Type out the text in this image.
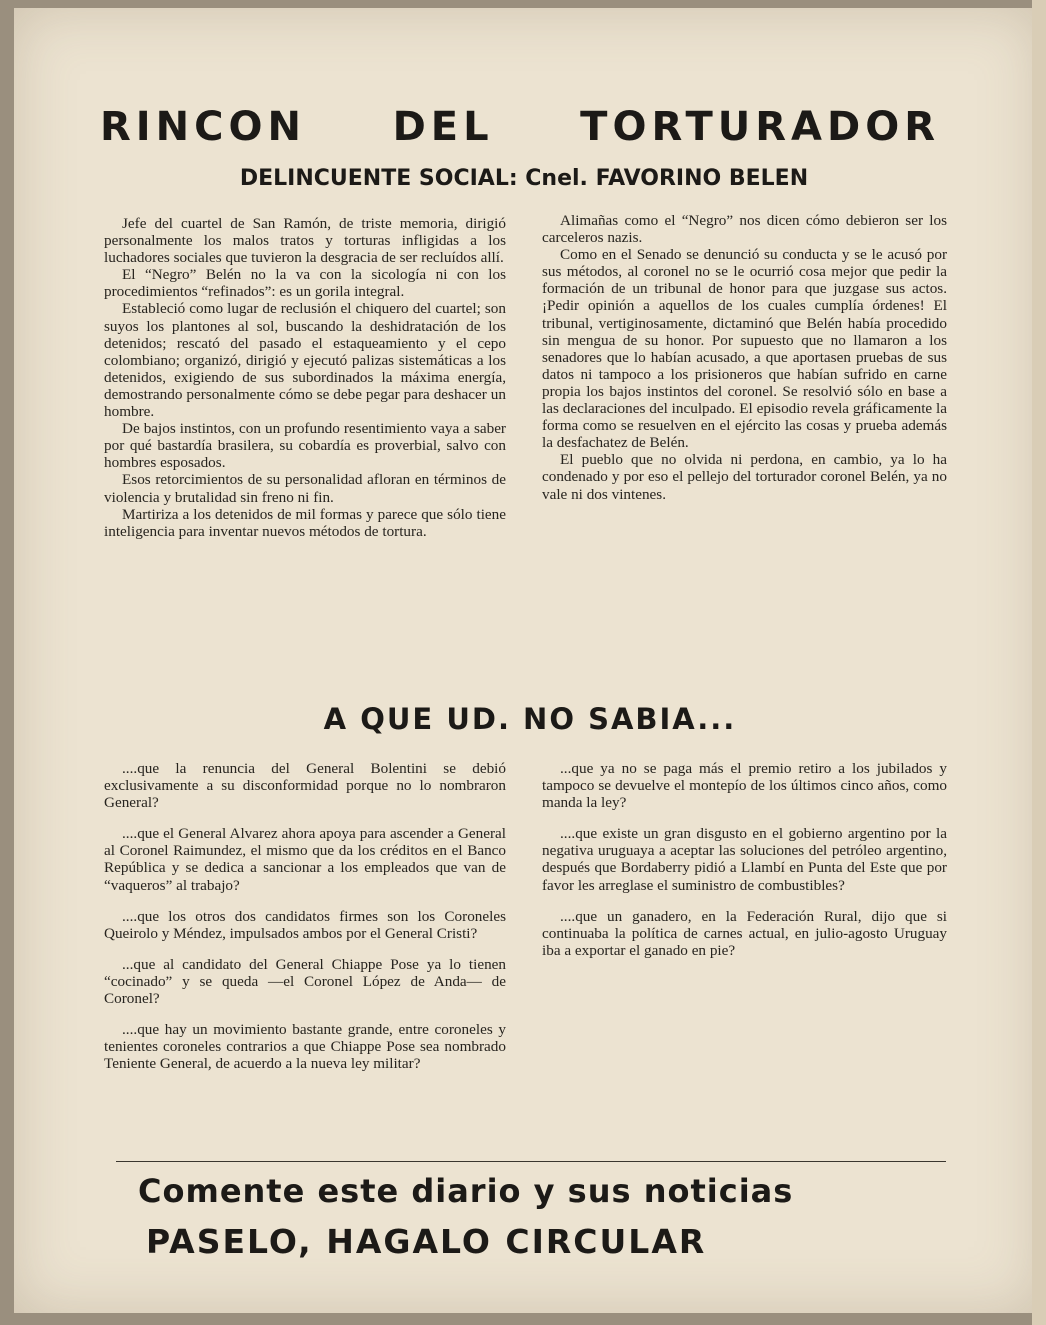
RINCON DEL TORTURADOR
DELINCUENTE SOCIAL: Cnel. FAVORINO BELEN

Jefe del cuartel de San Ramón, de triste memoria, dirigió personalmente los malos tratos y torturas infligidas a los luchadores sociales que tuvieron la desgracia de ser recluídos allí.

El “Negro” Belén no la va con la sicología ni con los procedimientos “refinados”: es un gorila integral.

Estableció como lugar de reclusión el chiquero del cuartel; son suyos los plantones al sol, buscando la deshidratación de los detenidos; rescató del pasado el estaqueamiento y el cepo colombiano; organizó, dirigió y ejecutó palizas sistemáticas a los detenidos, exigiendo de sus subordinados la máxima energía, demostrando personalmente cómo se debe pegar para deshacer un hombre.

De bajos instintos, con un profundo resentimiento vaya a saber por qué bastardía brasilera, su cobardía es proverbial, salvo con hombres esposados.

Esos retorcimientos de su personalidad afloran en términos de violencia y brutalidad sin freno ni fin.

Martiriza a los detenidos de mil formas y parece que sólo tiene inteligencia para inventar nuevos métodos de tortura.

Alimañas como el “Negro” nos dicen cómo debieron ser los carceleros nazis.

Como en el Senado se denunció su conducta y se le acusó por sus métodos, al coronel no se le ocurrió cosa mejor que pedir la formación de un tribunal de honor para que juzgase sus actos. ¡Pedir opinión a aquellos de los cuales cumplía órdenes! El tribunal, vertiginosamente, dictaminó que Belén había procedido sin mengua de su honor. Por supuesto que no llamaron a los senadores que lo habían acusado, a que aportasen pruebas de sus datos ni tampoco a los prisioneros que habían sufrido en carne propia los bajos instintos del coronel. Se resolvió sólo en base a las declaraciones del inculpado. El episodio revela gráficamente la forma como se resuelven en el ejército las cosas y prueba además la desfachatez de Belén.

El pueblo que no olvida ni perdona, en cambio, ya lo ha condenado y por eso el pellejo del torturador coronel Belén, ya no vale ni dos vintenes.

A QUE UD. NO SABIA...

....que la renuncia del General Bolentini se debió exclusivamente a su disconformidad porque no lo nombraron General?

....que el General Alvarez ahora apoya para ascender a General al Coronel Raimundez, el mismo que da los créditos en el Banco República y se dedica a sancionar a los empleados que van de “vaqueros” al trabajo?

....que los otros dos candidatos firmes son los Coroneles Queirolo y Méndez, impulsados ambos por el General Cristi?

...que al candidato del General Chiappe Pose ya lo tienen “cocinado” y se queda —el Coronel López de Anda— de Coronel?

....que hay un movimiento bastante grande, entre coroneles y tenientes coroneles contrarios a que Chiappe Pose sea nombrado Teniente General, de acuerdo a la nueva ley militar?

...que ya no se paga más el premio retiro a los jubilados y tampoco se devuelve el montepío de los últimos cinco años, como manda la ley?

....que existe un gran disgusto en el gobierno argentino por la negativa uruguaya a aceptar las soluciones del petróleo argentino, después que Bordaberry pidió a Llambí en Punta del Este que por favor les arreglase el suministro de combustibles?

....que un ganadero, en la Federación Rural, dijo que si continuaba la política de carnes actual, en julio-agosto Uruguay iba a exportar el ganado en pie?

Comente este diario y sus noticias

PASELO, HAGALO CIRCULAR
